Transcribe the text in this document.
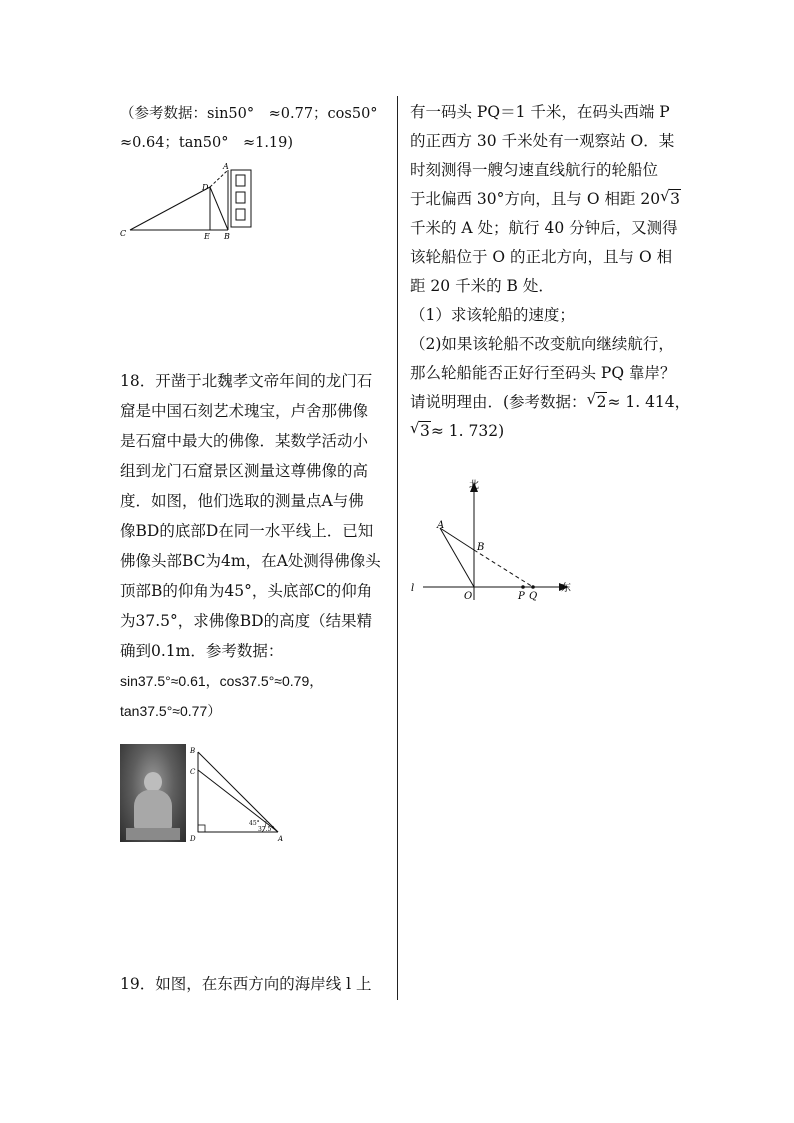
（参考数据：sin50°　≈0.77；cos50°
≈0.64；tan50°　≈1.19)
A
D
C	E B
18．开凿于北魏孝文帝年间的龙门石
窟是中国石刻艺术瑰宝，卢舍那佛像
是石窟中最大的佛像．某数学活动小
组到龙门石窟景区测量这尊佛像的高
度．如图，他们选取的测量点A与佛
像BD的底部D在同一水平线上．已知
佛像头部BC为4m，在A处测得佛像头
顶部B的仰角为45°，头底部C的仰角
为37.5°，求佛像BD的高度（结果精
确到0.1m．参考数据：
sin37.5°≈0.61，cos37.5°≈0.79，
tan37.5°≈0.77）
B
C
D	A
45°
37.5°
19．如图，在东西方向的海岸线 l 上
有一码头 PQ＝1 千米，在码头西端 P
的正西方 30 千米处有一观察站 O．某
时刻测得一艘匀速直线航行的轮船位
于北偏西 30°方向，且与 O 相距 20 √ 3
千米的 A 处；航行 40 分钟后，又测得
该轮船位于 O 的正北方向，且与 O 相
距 20 千米的 B 处．
（1）求该轮船的速度；
（2)如果该轮船不改变航向继续航行，
那么轮船能否正好行至码头 PQ 靠岸？
请说明理由．(参考数据： √ 2≈ 1. 414，
√ 3≈ 1. 732)
北
东
l
O
A
B
P Q
